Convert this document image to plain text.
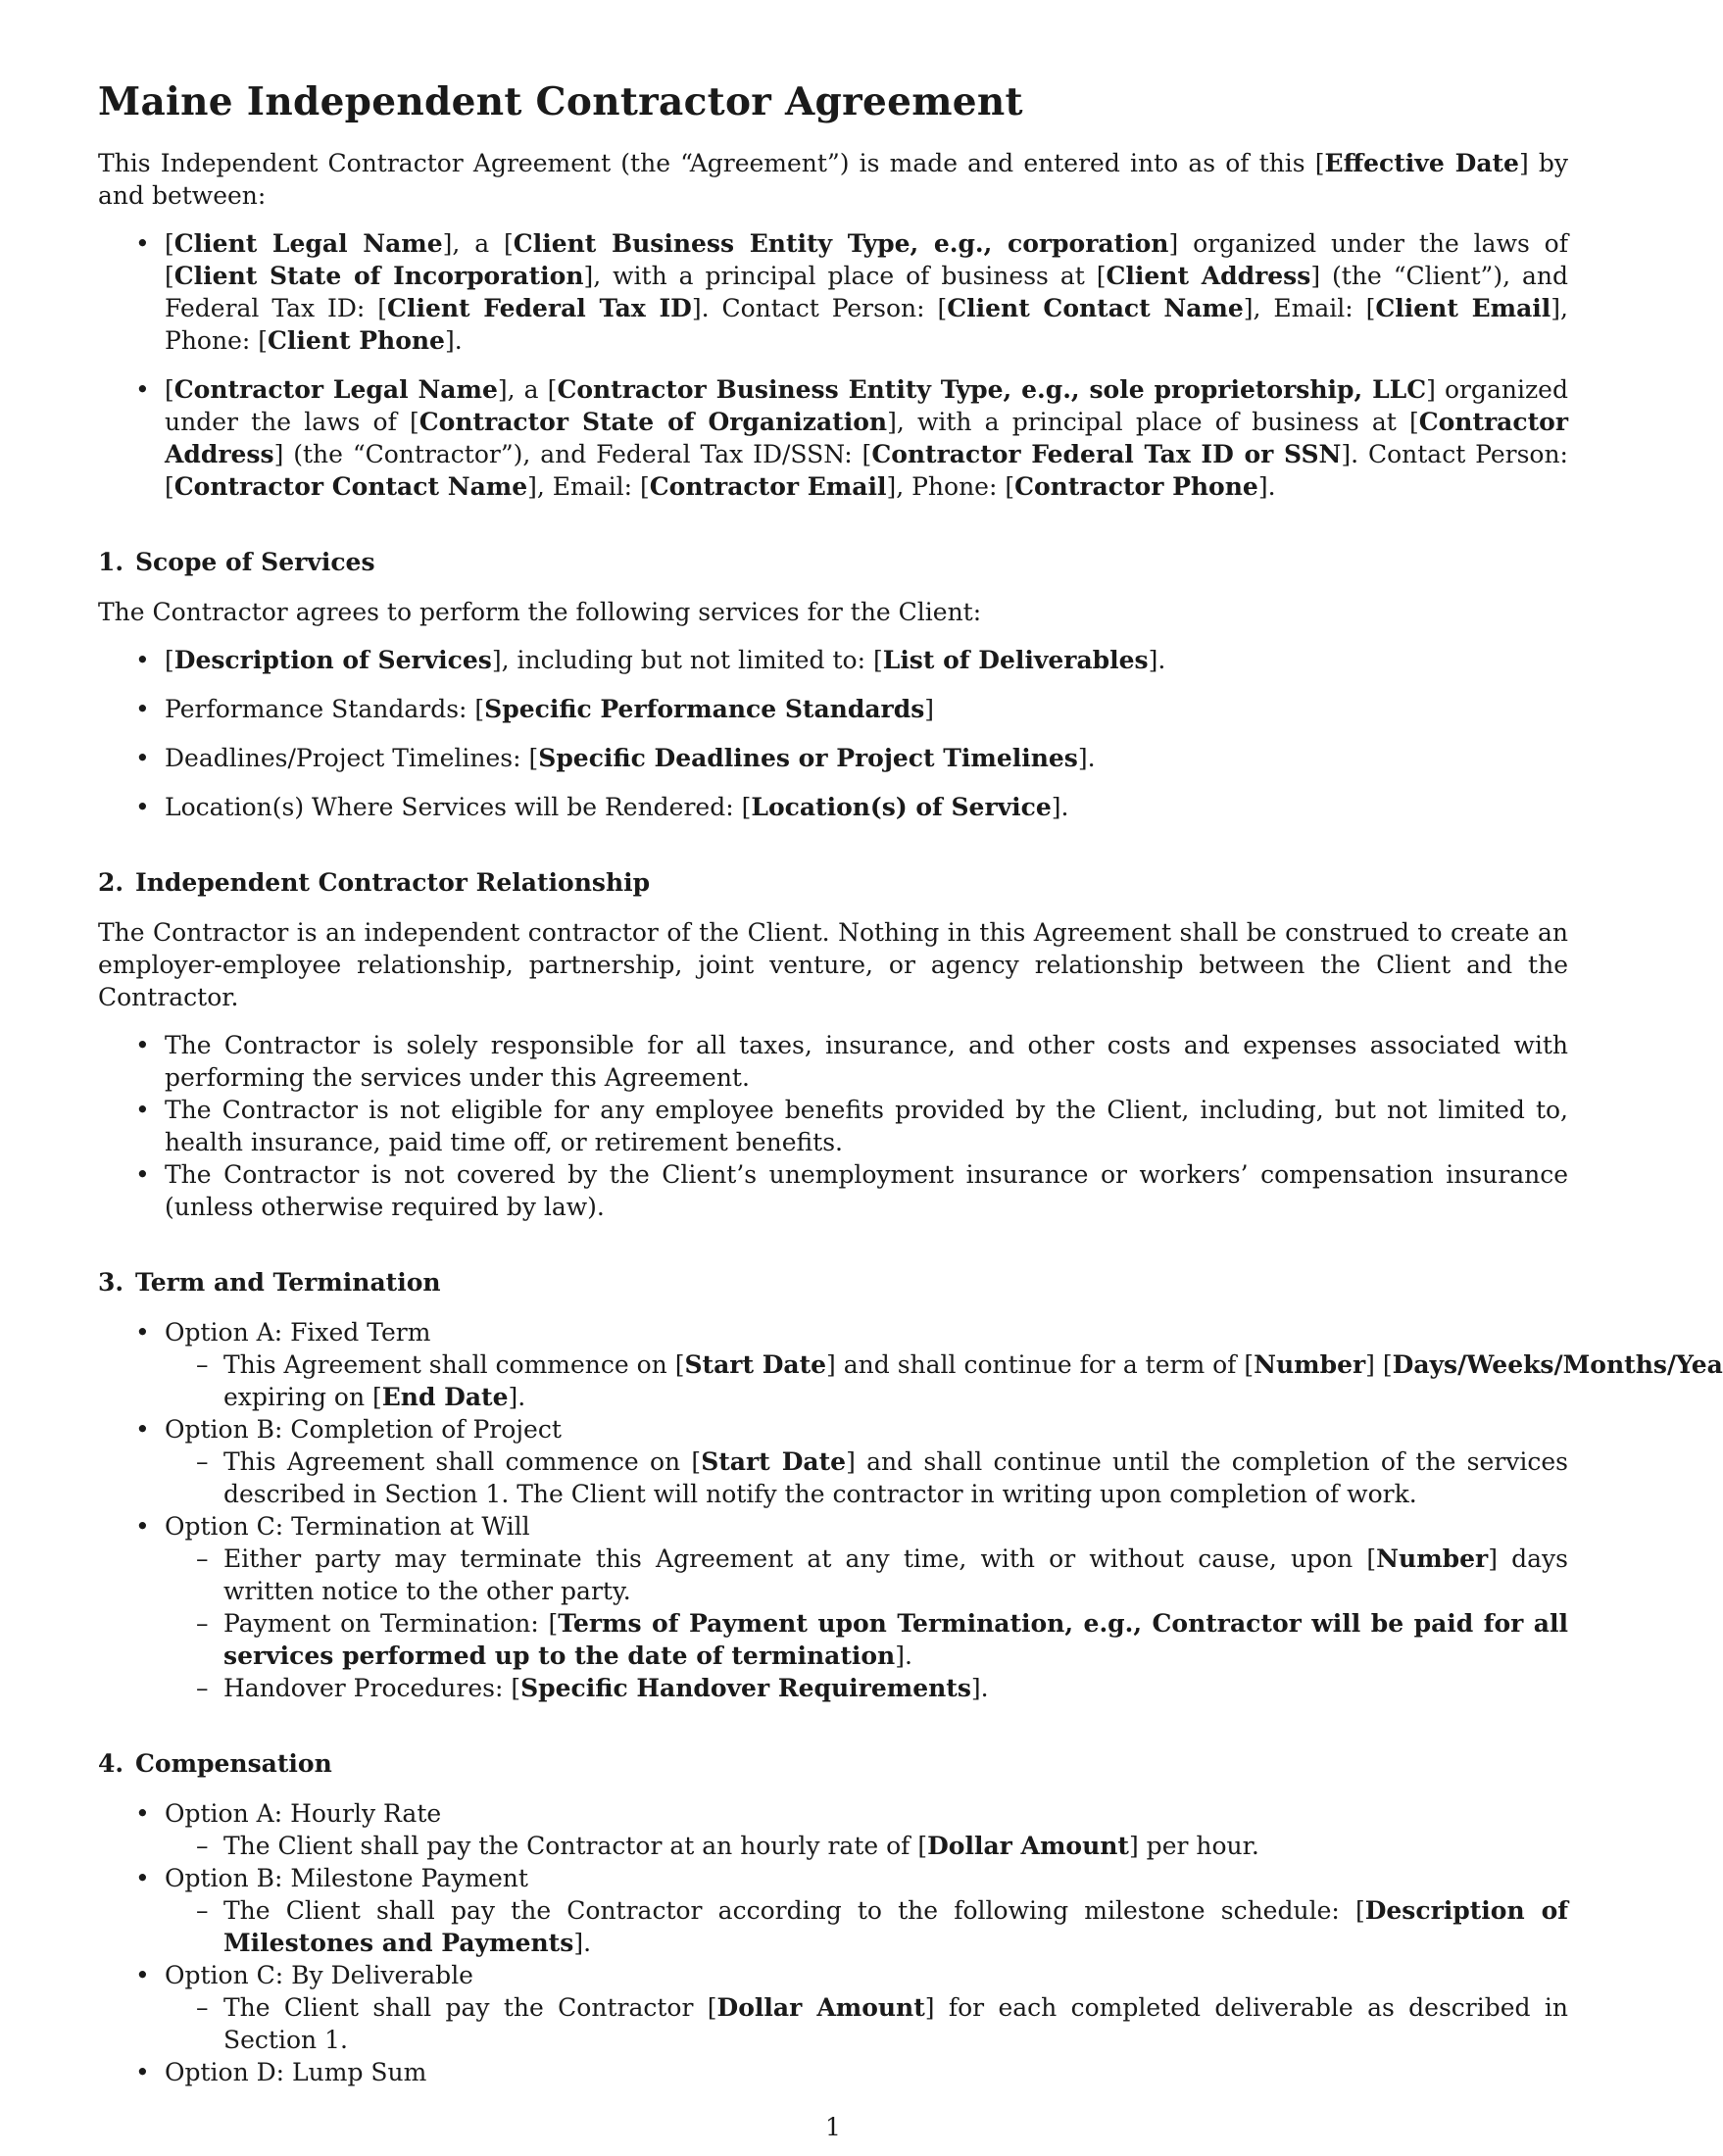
Maine Independent Contractor Agreement

This Independent Contractor Agreement (the “Agreement”) is made and entered into as of this [Effective Date] by and between:

• [Client Legal Name], a [Client Business Entity Type, e.g., corporation] organized under the laws of [Client State of Incorporation], with a principal place of business at [Client Address] (the “Client”), and Federal Tax ID: [Client Federal Tax ID]. Contact Person: [Client Contact Name], Email: [Client Email], Phone: [Client Phone].
• [Contractor Legal Name], a [Contractor Business Entity Type, e.g., sole proprietorship, LLC] organized under the laws of [Contractor State of Organization], with a principal place of business at [Contractor Address] (the “Contractor”), and Federal Tax ID/SSN: [Contractor Federal Tax ID or SSN]. Contact Person: [Contractor Contact Name], Email: [Contractor Email], Phone: [Contractor Phone].
1. Scope of Services

The Contractor agrees to perform the following services for the Client:

• [Description of Services], including but not limited to: [List of Deliverables].
• Performance Standards: [Specific Performance Standards]
• Deadlines/Project Timelines: [Specific Deadlines or Project Timelines].
• Location(s) Where Services will be Rendered: [Location(s) of Service].
2. Independent Contractor Relationship

The Contractor is an independent contractor of the Client. Nothing in this Agreement shall be construed to create an employer-employee relationship, partnership, joint venture, or agency relationship between the Client and the Contractor.

• The Contractor is solely responsible for all taxes, insurance, and other costs and expenses associated with performing the services under this Agreement.
• The Contractor is not eligible for any employee benefits provided by the Client, including, but not limited to, health insurance, paid time off, or retirement benefits.
• The Contractor is not covered by the Client’s unemployment insurance or workers’ compensation insurance (unless otherwise required by law).
3. Term and Termination
• Option A: Fixed Term
– This Agreement shall commence on [Start Date] and shall continue for a term of [Number] [Days/Weeks/Months/Yea
expiring on [End Date].
• Option B: Completion of Project
– This Agreement shall commence on [Start Date] and shall continue until the completion of the services described in Section 1. The Client will notify the contractor in writing upon completion of work.
• Option C: Termination at Will
– Either party may terminate this Agreement at any time, with or without cause, upon [Number] days written notice to the other party.
– Payment on Termination: [Terms of Payment upon Termination, e.g., Contractor will be paid for all services performed up to the date of termination].
– Handover Procedures: [Specific Handover Requirements].
4. Compensation
• Option A: Hourly Rate
– The Client shall pay the Contractor at an hourly rate of [Dollar Amount] per hour.
• Option B: Milestone Payment
– The Client shall pay the Contractor according to the following milestone schedule: [Description of Milestones and Payments].
• Option C: By Deliverable
– The Client shall pay the Contractor [Dollar Amount] for each completed deliverable as described in Section 1.
• Option D: Lump Sum
1
